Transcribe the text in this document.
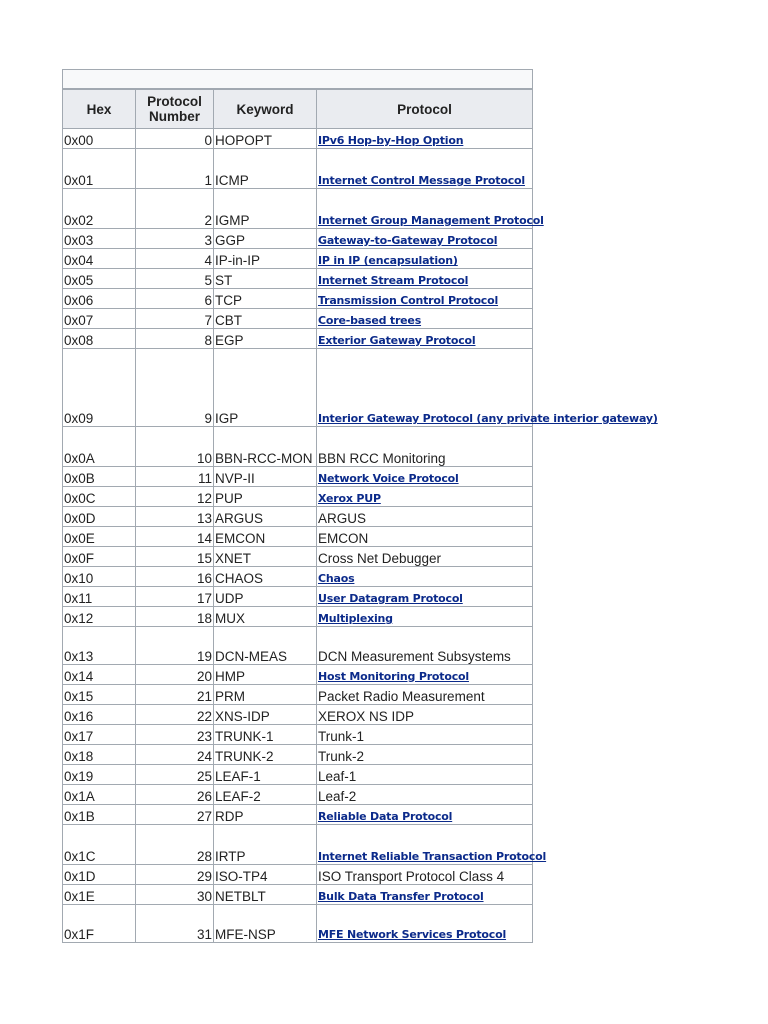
Hex	Protocol Number	Keyword	Protocol
0x00	0	HOPOPT	IPv6 Hop-by-Hop Option
0x01	1	ICMP	Internet Control Message Protocol
0x02	2	IGMP	Internet Group Management Protocol
0x03	3	GGP	Gateway-to-Gateway Protocol
0x04	4	IP-in-IP	IP in IP (encapsulation)
0x05	5	ST	Internet Stream Protocol
0x06	6	TCP	Transmission Control Protocol
0x07	7	CBT	Core-based trees
0x08	8	EGP	Exterior Gateway Protocol
0x09	9	IGP	Interior Gateway Protocol (any private interior gateway)
0x0A	10	BBN-RCC-MON	BBN RCC Monitoring
0x0B	11	NVP-II	Network Voice Protocol
0x0C	12	PUP	Xerox PUP
0x0D	13	ARGUS	ARGUS
0x0E	14	EMCON	EMCON
0x0F	15	XNET	Cross Net Debugger
0x10	16	CHAOS	Chaos
0x11	17	UDP	User Datagram Protocol
0x12	18	MUX	Multiplexing
0x13	19	DCN-MEAS	DCN Measurement Subsystems
0x14	20	HMP	Host Monitoring Protocol
0x15	21	PRM	Packet Radio Measurement
0x16	22	XNS-IDP	XEROX NS IDP
0x17	23	TRUNK-1	Trunk-1
0x18	24	TRUNK-2	Trunk-2
0x19	25	LEAF-1	Leaf-1
0x1A	26	LEAF-2	Leaf-2
0x1B	27	RDP	Reliable Data Protocol
0x1C	28	IRTP	Internet Reliable Transaction Protocol
0x1D	29	ISO-TP4	ISO Transport Protocol Class 4
0x1E	30	NETBLT	Bulk Data Transfer Protocol
0x1F	31	MFE-NSP	MFE Network Services Protocol
